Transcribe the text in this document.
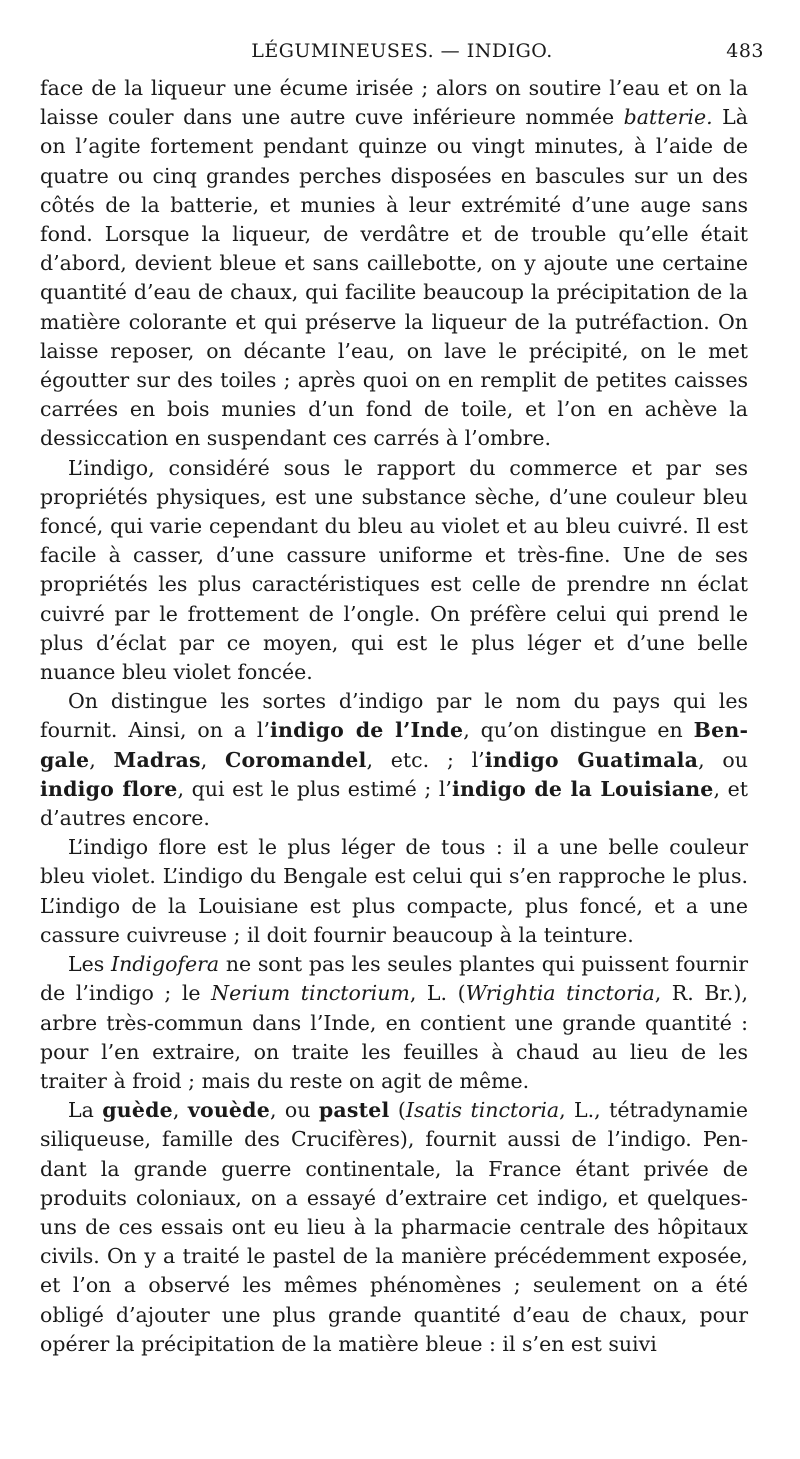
LÉGUMINEUSES. — INDIGO.	483

face de la liqueur une écume irisée ; alors on soutire l’eau et on la laisse couler dans une autre cuve inférieure nommée batterie. Là on l’agite fortement pendant quinze ou vingt minutes, à l’aide de quatre ou cinq grandes perches disposées en bascules sur un des côtés de la batterie, et munies à leur extrémité d’une auge sans fond. Lorsque la liqueur, de verdâtre et de trouble qu’elle était d’abord, devient bleue et sans caillebotte, on y ajoute une certaine quantité d’eau de chaux, qui facilite beaucoup la précipitation de la matière colorante et qui préserve la liqueur de la putréfaction. On laisse reposer, on décante l’eau, on lave le précipité, on le met égoutter sur des toiles ; après quoi on en remplit de petites caisses carrées en bois munies d’un fond de toile, et l’on en achève la dessiccation en suspendant ces carrés à l’ombre.

L’indigo, considéré sous le rapport du commerce et par ses propriétés physiques, est une substance sèche, d’une couleur bleu foncé, qui varie cependant du bleu au violet et au bleu cuivré. Il est facile à casser, d’une cassure uniforme et très-fine. Une de ses propriétés les plus caractéristiques est celle de prendre nn éclat cuivré par le frottement de l’ongle. On préfère celui qui prend le plus d’éclat par ce moyen, qui est le plus léger et d’une belle nuance bleu violet foncée.

On distingue les sortes d’indigo par le nom du pays qui les fournit. Ainsi, on a l’indigo de l’Inde, qu’on distingue en Bengale, Madras, Coromandel, etc. ; l’indigo Guatimala, ou indigo flore, qui est le plus estimé ; l’indigo de la Louisiane, et d’autres encore.

L’indigo flore est le plus léger de tous : il a une belle couleur bleu violet. L’indigo du Bengale est celui qui s’en rapproche le plus. L’indigo de la Louisiane est plus compacte, plus foncé, et a une cassure cuivreuse ; il doit fournir beaucoup à la teinture.

Les Indigofera ne sont pas les seules plantes qui puissent fournir de l’indigo ; le Nerium tinctorium, L. (Wrightia tinctoria, R. Br.), arbre très-commun dans l’Inde, en contient une grande quantité : pour l’en extraire, on traite les feuilles à chaud au lieu de les traiter à froid ; mais du reste on agit de même.

La guède, vouède, ou pastel (Isatis tinctoria, L., tétradynamie siliqueuse, famille des Crucifères), fournit aussi de l’indigo. Pendant la grande guerre continentale, la France étant privée de produits coloniaux, on a essayé d’extraire cet indigo, et quelques-uns de ces essais ont eu lieu à la pharmacie centrale des hôpitaux civils. On y a traité le pastel de la manière précédemment exposée, et l’on a observé les mêmes phénomènes ; seulement on a été obligé d’ajouter une plus grande quantité d’eau de chaux, pour opérer la précipitation de la matière bleue : il s’en est suivi
